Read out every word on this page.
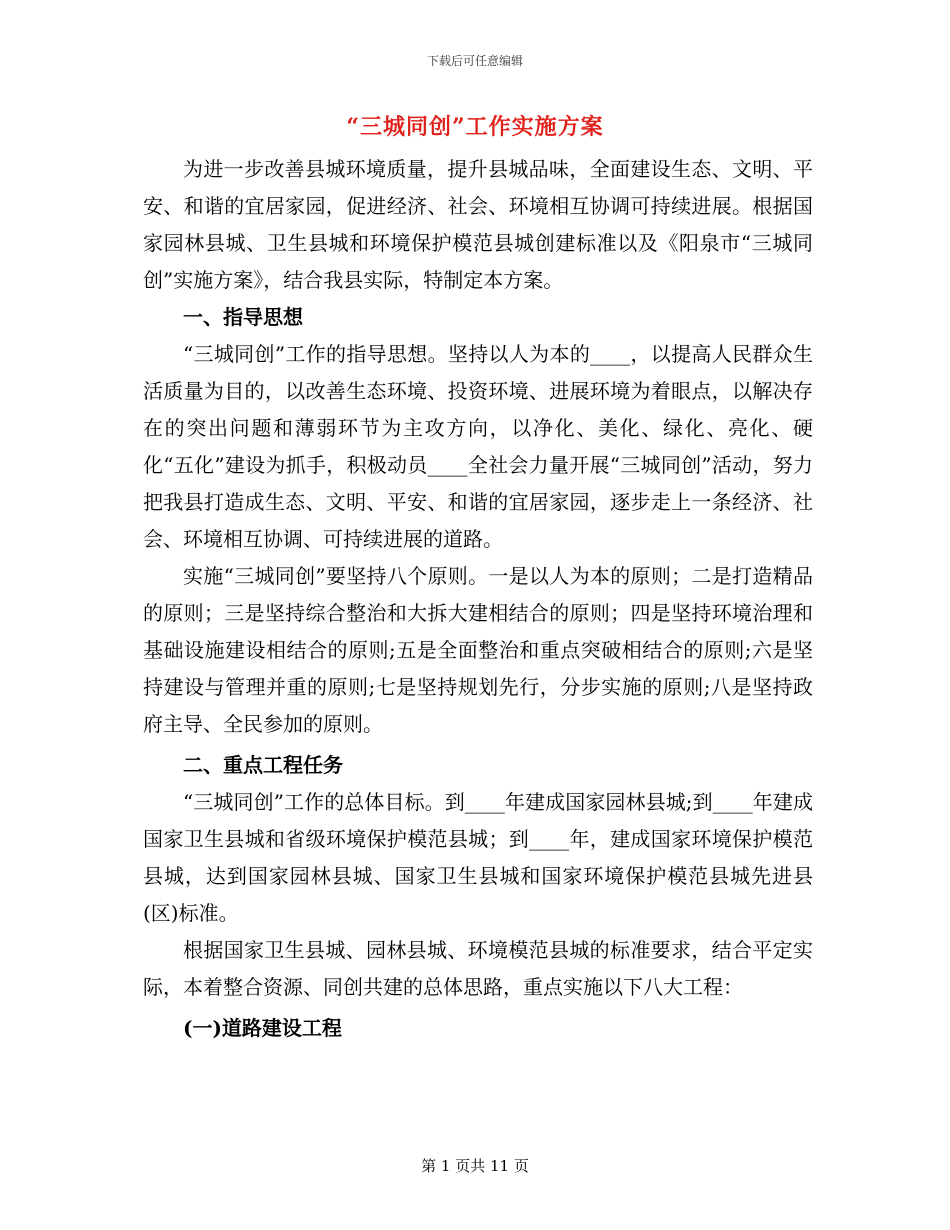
下载后可任意编辑
“三城同创”工作实施方案

为进一步改善县城环境质量，提升县城品味，全面建设生态、文明、平安、和谐的宜居家园，促进经济、社会、环境相互协调可持续进展。根据国家园林县城、卫生县城和环境保护模范县城创建标准以及《阳泉市“三城同创”实施方案》，结合我县实际，特制定本方案。

一、指导思想

“三城同创”工作的指导思想。坚持以人为本的____，以提高人民群众生活质量为目的，以改善生态环境、投资环境、进展环境为着眼点，以解决存在的突出问题和薄弱环节为主攻方向，以净化、美化、绿化、亮化、硬化“五化”建设为抓手，积极动员____全社会力量开展“三城同创”活动，努力把我县打造成生态、文明、平安、和谐的宜居家园，逐步走上一条经济、社会、环境相互协调、可持续进展的道路。

实施“三城同创”要坚持八个原则。一是以人为本的原则；二是打造精品的原则；三是坚持综合整治和大拆大建相结合的原则；四是坚持环境治理和基础设施建设相结合的原则;五是全面整治和重点突破相结合的原则;六是坚持建设与管理并重的原则;七是坚持规划先行，分步实施的原则;八是坚持政府主导、全民参加的原则。

二、重点工程任务

“三城同创”工作的总体目标。到____年建成国家园林县城;到____年建成国家卫生县城和省级环境保护模范县城；到____年，建成国家环境保护模范县城，达到国家园林县城、国家卫生县城和国家环境保护模范县城先进县(区)标准。

根据国家卫生县城、园林县城、环境模范县城的标准要求，结合平定实际，本着整合资源、同创共建的总体思路，重点实施以下八大工程：

(一)道路建设工程

第 1 页共 11 页
